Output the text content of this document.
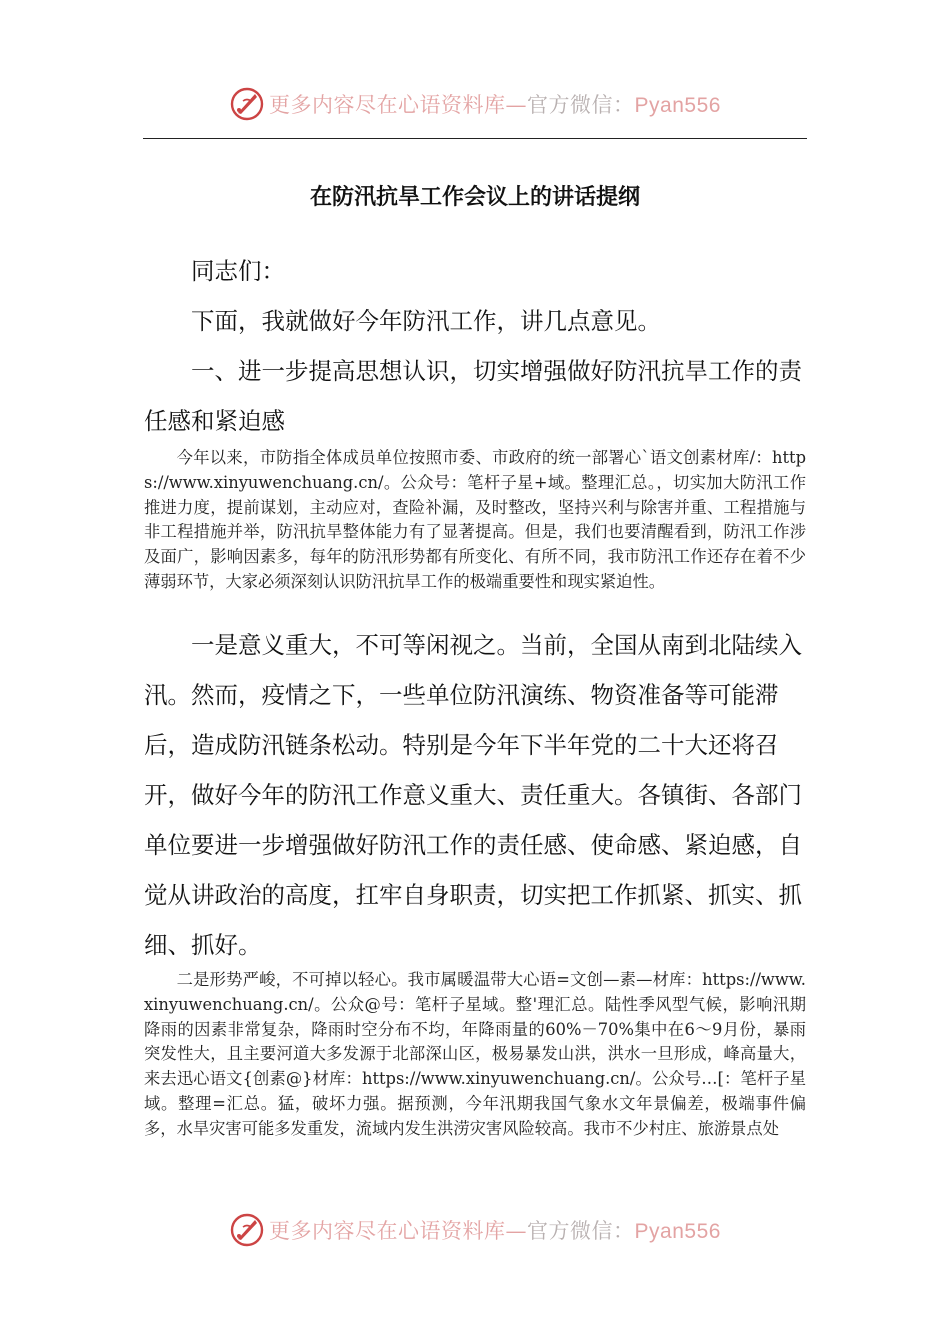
更多内容尽在心语资料库—官方微信：Pyan556
在防汛抗旱工作会议上的讲话提纲

同志们：

下面，我就做好今年防汛工作，讲几点意见。

一、进一步提高思想认识，切实增强做好防汛抗旱工作的责任感和紧迫感

今年以来，市防指全体成员单位按照市委、市政府的统一部署心`语文创素材库/：https://www.xinyuwenchuang.cn/。公众号：笔杆子星+域。整理汇总。，切实加大防汛工作推进力度，提前谋划，主动应对，查险补漏，及时整改，坚持兴利与除害并重、工程措施与非工程措施并举，防汛抗旱整体能力有了显著提高。但是，我们也要清醒看到，防汛工作涉及面广，影响因素多，每年的防汛形势都有所变化、有所不同，我市防汛工作还存在着不少薄弱环节，大家必须深刻认识防汛抗旱工作的极端重要性和现实紧迫性。

一是意义重大，不可等闲视之。当前，全国从南到北陆续入汛。然而，疫情之下，一些单位防汛演练、物资准备等可能滞后，造成防汛链条松动。特别是今年下半年党的二十大还将召开，做好今年的防汛工作意义重大、责任重大。各镇街、各部门单位要进一步增强做好防汛工作的责任感、使命感、紧迫感，自觉从讲政治的高度，扛牢自身职责，切实把工作抓紧、抓实、抓细、抓好。

二是形势严峻，不可掉以轻心。我市属暖温带大心语=文创—素—材库：https://www.xinyuwenchuang.cn/。公众@号：笔杆子星域。整'理汇总。陆性季风型气候，影响汛期降雨的因素非常复杂，降雨时空分布不均，年降雨量的60%－70%集中在6～9月份，暴雨突发性大，且主要河道大多发源于北部深山区，极易暴发山洪，洪水一旦形成，峰高量大，来去迅心语文{创素@}材库：https://www.xinyuwenchuang.cn/。公众号…[：笔杆子星域。整理=汇总。猛，破坏力强。据预测，今年汛期我国气象水文年景偏差，极端事件偏多，水旱灾害可能多发重发，流域内发生洪涝灾害风险较高。我市不少村庄、旅游景点处

更多内容尽在心语资料库—官方微信：Pyan556
